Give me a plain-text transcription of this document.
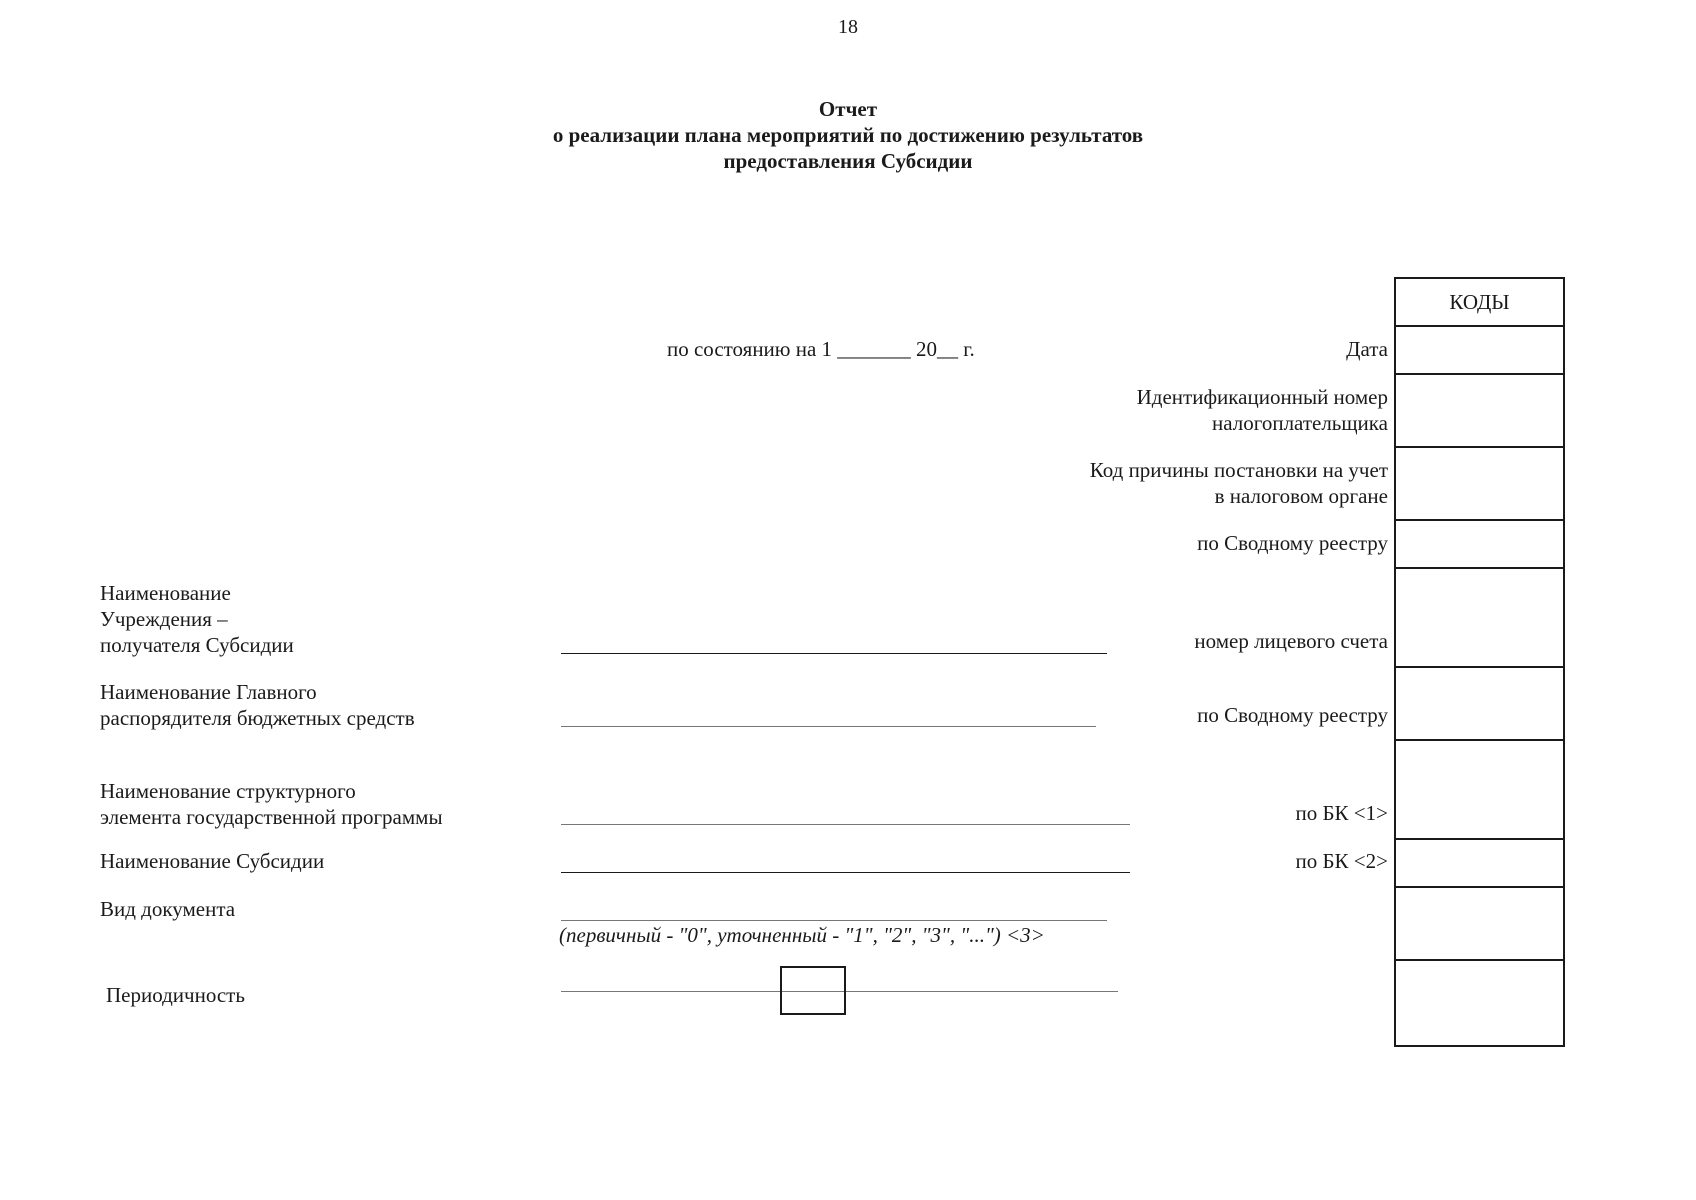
18
Отчет
о реализации плана мероприятий по достижению результатов
предоставления Субсидии
по состоянию на 1 _______ 20__ г.	Дата
Идентификационный номер
налогоплательщика
Код причины постановки на учет
в налоговом органе
по Сводному реестру
номер лицевого счета
по Сводному реестру
по БК <1>
по БК <2>
Наименование
Учреждения –
получателя Субсидии
Наименование Главного
распорядителя бюджетных средств
Наименование структурного
элемента государственной программы
Наименование Субсидии
Вид документа
Периодичность
(первичный - "0", уточненный - "1", "2", "3", "...") <3>
КОДЫ
